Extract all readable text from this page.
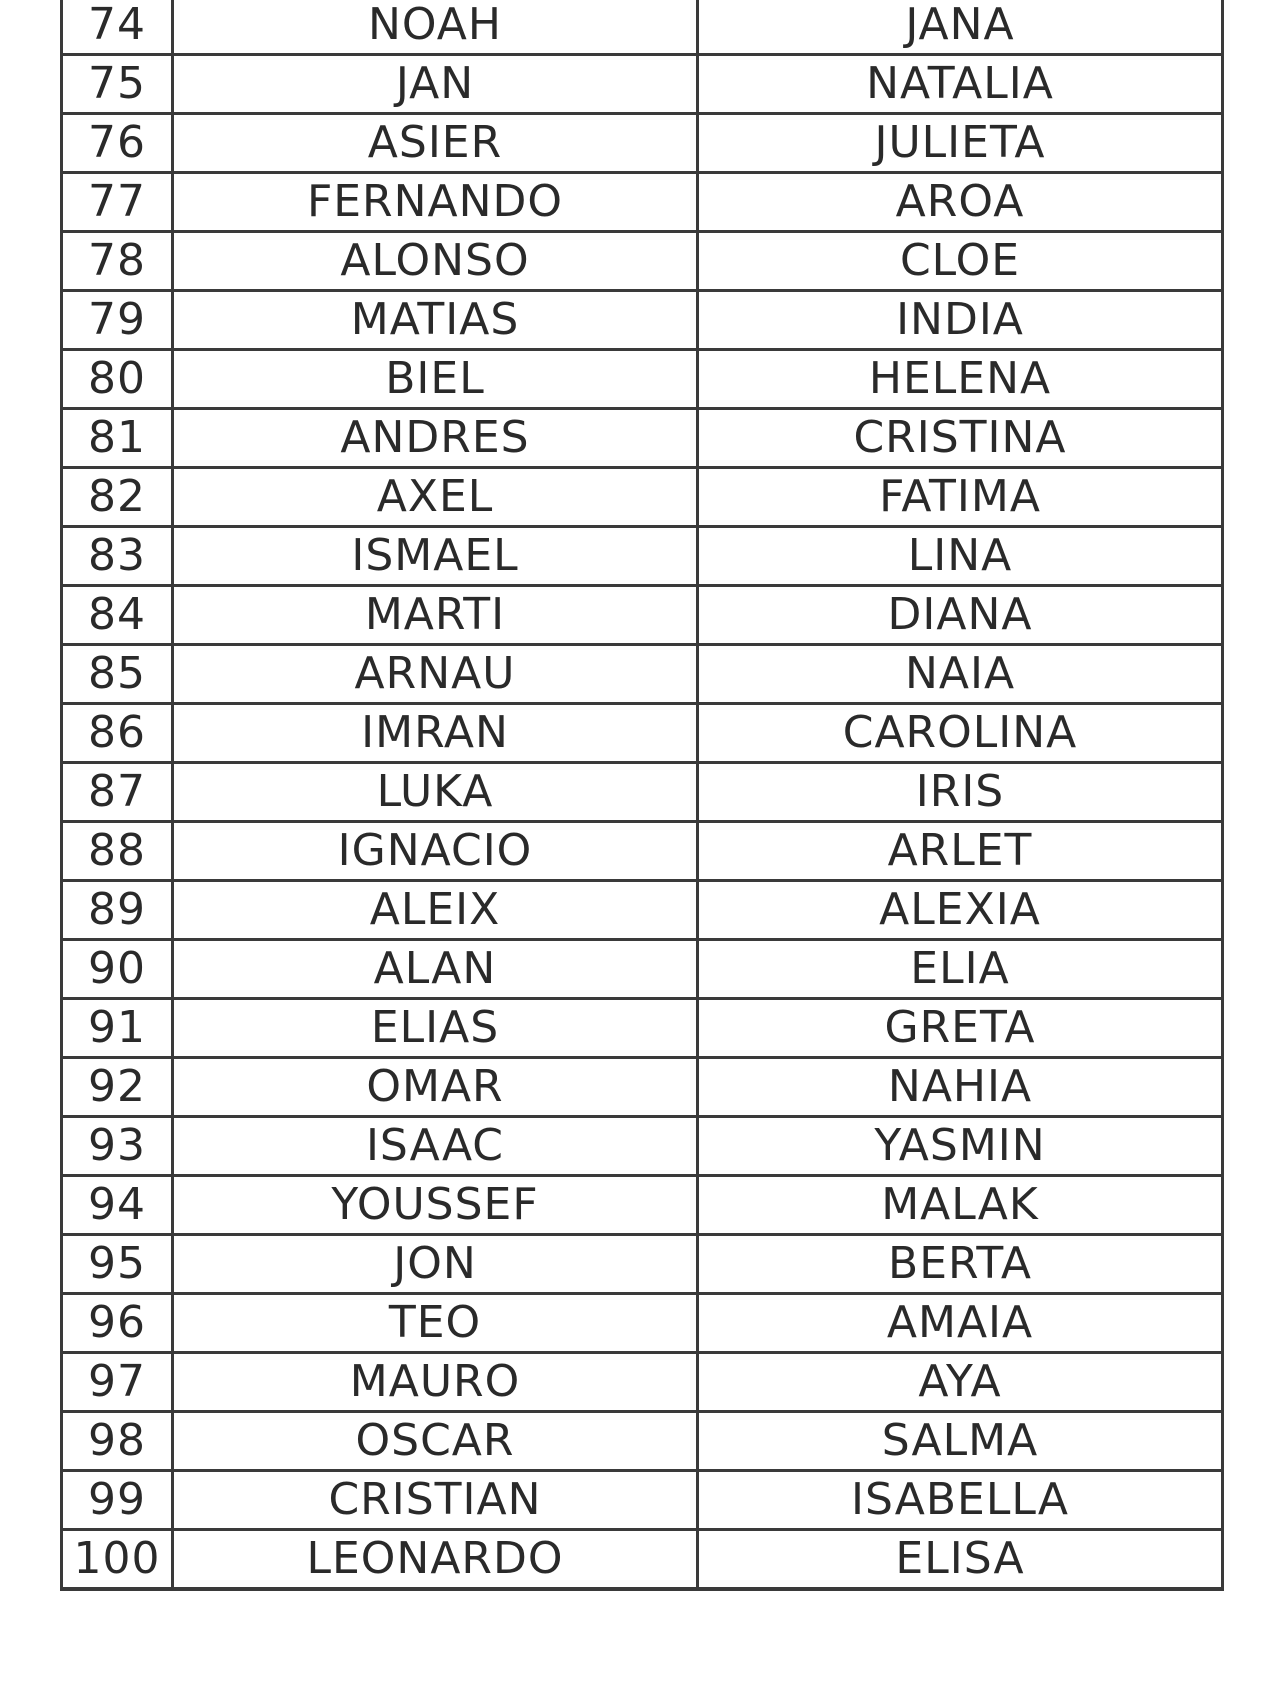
74	NOAH	JANA
75	JAN	NATALIA
76	ASIER	JULIETA
77	FERNANDO	AROA
78	ALONSO	CLOE
79	MATIAS	INDIA
80	BIEL	HELENA
81	ANDRES	CRISTINA
82	AXEL	FATIMA
83	ISMAEL	LINA
84	MARTI	DIANA
85	ARNAU	NAIA
86	IMRAN	CAROLINA
87	LUKA	IRIS
88	IGNACIO	ARLET
89	ALEIX	ALEXIA
90	ALAN	ELIA
91	ELIAS	GRETA
92	OMAR	NAHIA
93	ISAAC	YASMIN
94	YOUSSEF	MALAK
95	JON	BERTA
96	TEO	AMAIA
97	MAURO	AYA
98	OSCAR	SALMA
99	CRISTIAN	ISABELLA
100	LEONARDO	ELISA
